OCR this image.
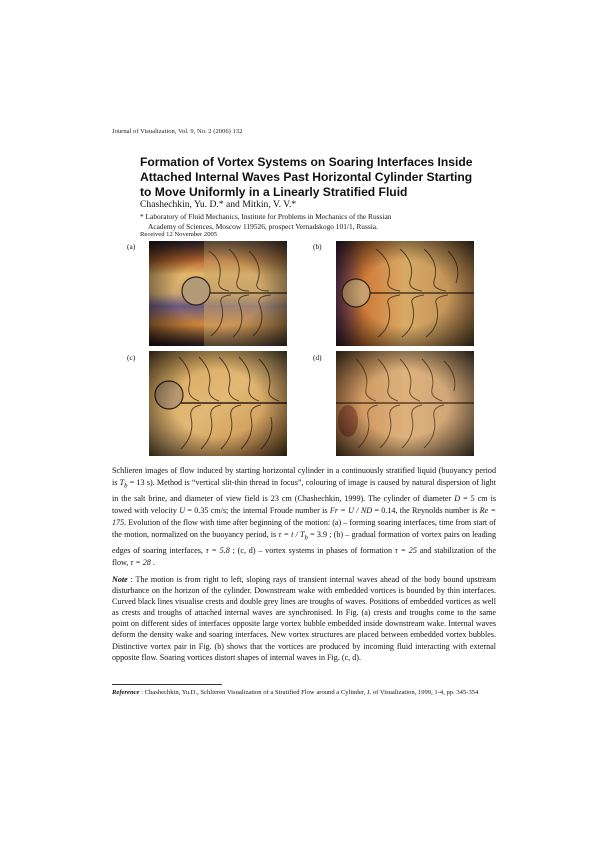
Journal of Visualization, Vol. 9, No. 2 (2006) 132
Formation of Vortex Systems on Soaring Interfaces Inside Attached Internal Waves Past Horizontal Cylinder Starting to Move Uniformly in a Linearly Stratified Fluid
Chashechkin, Yu. D.* and Mitkin, V. V.*
* Laboratory of Fluid Mechanics, Institute for Problems in Mechanics of the Russian
Academy of Sciences, Moscow 119526, prospect Vernadskogo 101/1, Russia.
Received 12 November 2005
(a)	(b)
(c)	(d)
Schlieren images of flow induced by starting horizontal cylinder in a continuously stratified liquid (buoyancy period is $T_b = 13$ s). Method is “vertical slit-thin thread in focus”, colouring of image is caused by natural dispersion of light in the salt brine, and diameter of view field is 23 cm (Chashechkin, 1999). The cylinder of diameter D = 5 cm is towed with velocity U = 0.35 cm/s; the internal Froude number is Fr = U / ND = 0.14, the Reynolds number is Re = 175. Evolution of the flow with time after beginning of the motion: (a) – forming soaring interfaces, time from start of the motion, normalized on the buoyancy period, is $\tau = t / T_b = 3.9$ ; (b) – gradual formation of vortex pairs on leading edges of soaring interfaces, τ = 5.8 ; (c, d) – vortex systems in phases of formation τ = 25 and stabilization of the flow, τ = 28 .
Note : The motion is from right to left, sloping rays of transient internal waves ahead of the body bound upstream disturbance on the horizon of the cylinder. Downstream wake with embedded vortices is bounded by thin interfaces. Curved black lines visualise crests and double grey lines are troughs of waves. Positions of embedded vortices as well as crests and troughs of attached internal waves are synchronised. In Fig. (a) crests and troughs come to the same point on different sides of interfaces opposite large vortex bubble embedded inside downstream wake. Internal waves deform the density wake and soaring interfaces. New vortex structures are placed between embedded vortex bubbles. Distinctive vortex pair in Fig. (b) shows that the vortices are produced by incoming fluid interacting with external opposite flow. Soaring vortices distort shapes of internal waves in Fig. (c, d).
Reference : Chashechkin, Yu.D., Schlieren Visualization of a Stratified Flow around a Cylinder, J. of Visualization, 1999, 1-4, pp. 345-354
